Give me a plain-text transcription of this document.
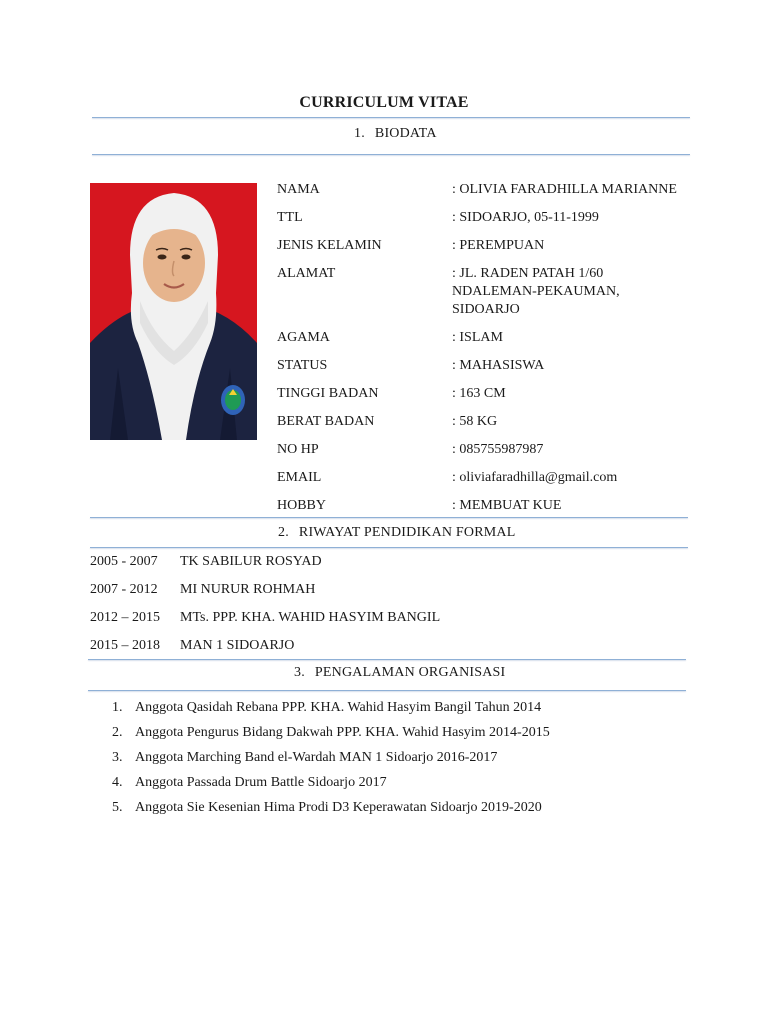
CURRICULUM VITAE
1. BIODATA
NAMA	: OLIVIA FARADHILLA MARIANNE
TTL	: SIDOARJO, 05-11-1999
JENIS KELAMIN	: PEREMPUAN
ALAMAT	: JL. RADEN PATAH 1/60
NDALEMAN-PEKAUMAN,
SIDOARJO
AGAMA	: ISLAM
STATUS	: MAHASISWA
TINGGI BADAN	: 163 CM
BERAT BADAN	: 58 KG
NO HP	: 085755987987
EMAIL	: oliviafaradhilla@gmail.com
HOBBY	: MEMBUAT KUE
2. RIWAYAT PENDIDIKAN FORMAL
2005 - 2007	TK SABILUR ROSYAD
2007 - 2012	MI NURUR ROHMAH
2012 – 2015	MTs. PPP. KHA. WAHID HASYIM BANGIL
2015 – 2018	MAN 1 SIDOARJO
3. PENGALAMAN ORGANISASI
1. Anggota Qasidah Rebana PPP. KHA. Wahid Hasyim Bangil Tahun 2014
2. Anggota Pengurus Bidang Dakwah PPP. KHA. Wahid Hasyim 2014-2015
3. Anggota Marching Band el-Wardah MAN 1 Sidoarjo 2016-2017
4. Anggota Passada Drum Battle Sidoarjo 2017
5. Anggota Sie Kesenian Hima Prodi D3 Keperawatan Sidoarjo 2019-2020
